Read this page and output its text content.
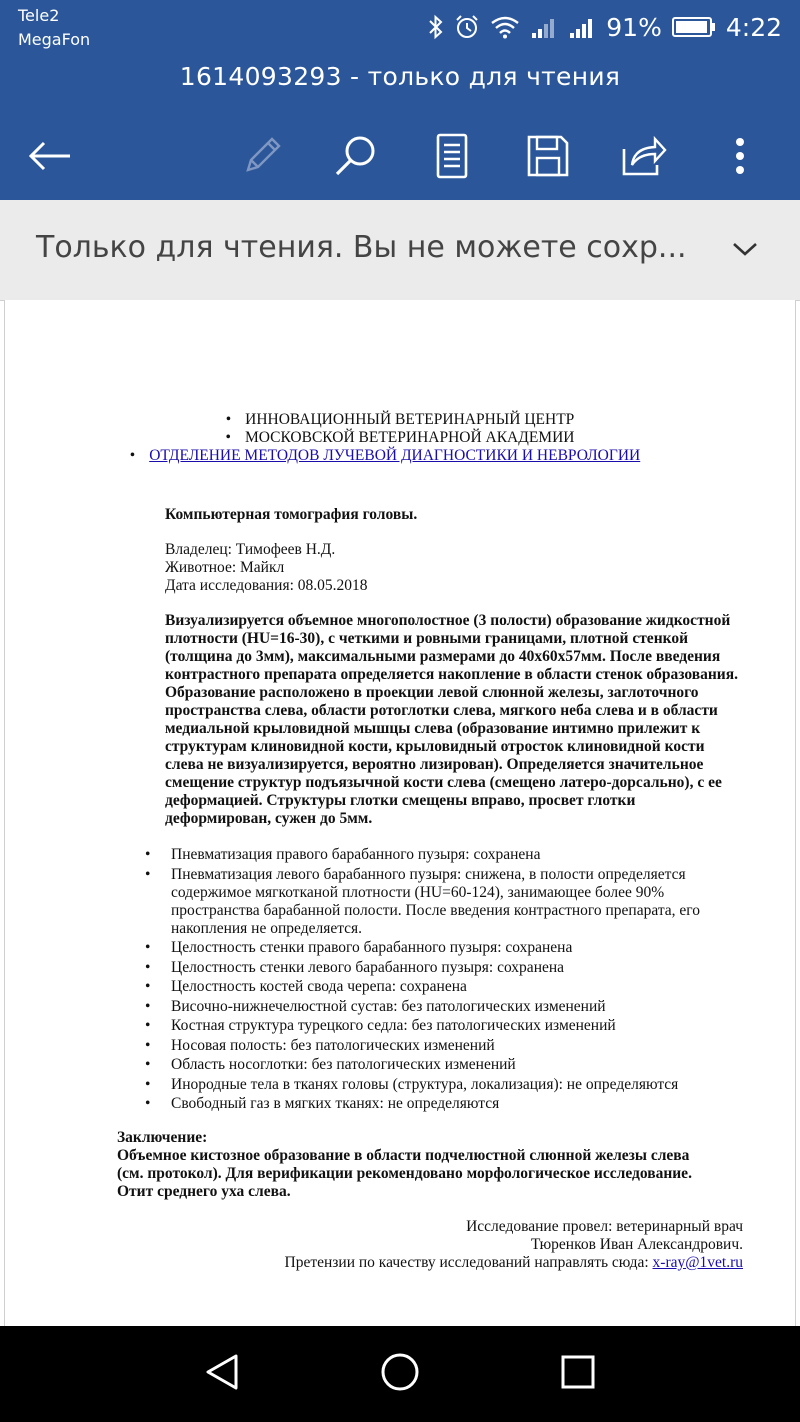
Tele2
MegaFon	91%	4:22
1614093293 - только для чтения
Только для чтения. Вы не можете сохр...
• ИННОВАЦИОННЫЙ ВЕТЕРИНАРНЫЙ ЦЕНТР
• МОСКОВСКОЙ ВЕТЕРИНАРНОЙ АКАДЕМИИ
• ОТДЕЛЕНИЕ МЕТОДОВ ЛУЧЕВОЙ ДИАГНОСТИКИ И НЕВРОЛОГИИ
Компьютерная томография головы.
Владелец: Тимофеев Н.Д.
Животное: Майкл
Дата исследования: 08.05.2018
Визуализируется объемное многополостное (3 полости) образование жидкостной плотности (HU=16-30), с четкими и ровными границами, плотной стенкой (толщина до 3мм), максимальными размерами до 40x60x57мм. После введения контрастного препарата определяется накопление в области стенок образования. Образование расположено в проекции левой слюнной железы, заглоточного пространства слева, области ротоглотки слева, мягкого неба слева и в области медиальной крыловидной мышцы слева (образование интимно прилежит к структурам клиновидной кости, крыловидный отросток клиновидной кости слева не визуализируется, вероятно лизирован). Определяется значительное смещение структур подъязычной кости слева (смещено латеро-дорсально), с ее деформацией. Структуры глотки смещены вправо, просвет глотки деформирован, сужен до 5мм.
• Пневматизация правого барабанного пузыря: сохранена
• Пневматизация левого барабанного пузыря: снижена, в полости определяется содержимое мягкотканой плотности (HU=60-124), занимающее более 90% пространства барабанной полости. После введения контрастного препарата, его накопления не определяется.
• Целостность стенки правого барабанного пузыря: сохранена
• Целостность стенки левого барабанного пузыря: сохранена
• Целостность костей свода черепа: сохранена
• Височно-нижнечелюстной сустав: без патологических изменений
• Костная структура турецкого седла: без патологических изменений
• Носовая полость: без патологических изменений
• Область носоглотки: без патологических изменений
• Инородные тела в тканях головы (структура, локализация): не определяются
• Свободный газ в мягких тканях: не определяются
Заключение:
Объемное кистозное образование в области подчелюстной слюнной железы слева
(см. протокол). Для верификации рекомендовано морфологическое исследование.
Отит среднего уха слева.
Исследование провел: ветеринарный врач
Тюренков Иван Александрович.
Претензии по качеству исследований направлять сюда: x-ray@1vet.ru
